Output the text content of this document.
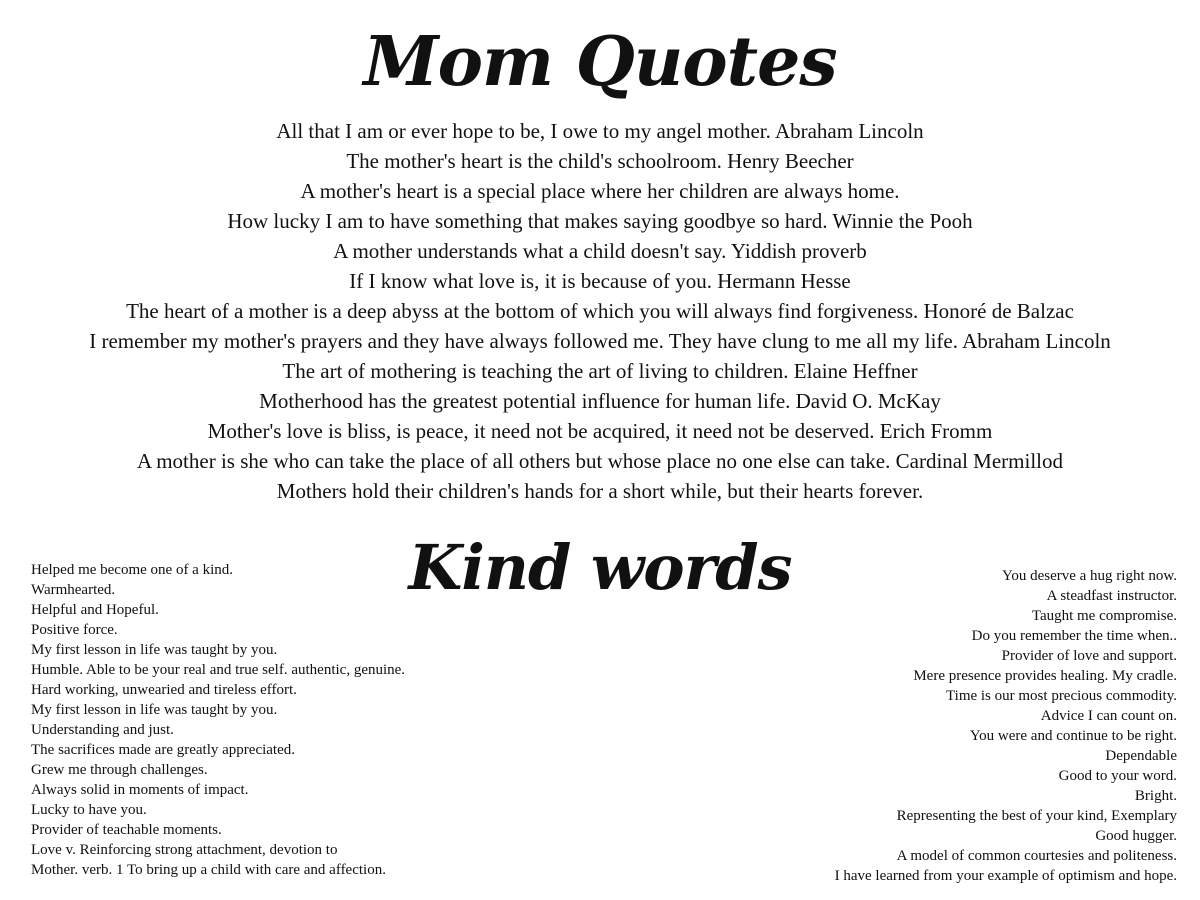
Mom Quotes
All that I am or ever hope to be, I owe to my angel mother. Abraham Lincoln
The mother's heart is the child's schoolroom. Henry Beecher
A mother's heart is a special place where her children are always home.
How lucky I am to have something that makes saying goodbye so hard. Winnie the Pooh
A mother understands what a child doesn't say. Yiddish proverb
If I know what love is, it is because of you. Hermann Hesse
The heart of a mother is a deep abyss at the bottom of which you will always find forgiveness. Honoré de Balzac
I remember my mother's prayers and they have always followed me. They have clung to me all my life. Abraham Lincoln
The art of mothering is teaching the art of living to children. Elaine Heffner
Motherhood has the greatest potential influence for human life. David O. McKay
Mother's love is bliss, is peace, it need not be acquired, it need not be deserved. Erich Fromm
A mother is she who can take the place of all others but whose place no one else can take. Cardinal Mermillod
Mothers hold their children's hands for a short while, but their hearts forever.
Kind words
Helped me become one of a kind.
Warmhearted.
Helpful and Hopeful.
Positive force.
My first lesson in life was taught by you.
Humble. Able to be your real and true self. authentic, genuine.
Hard working, unwearied and tireless effort.
My first lesson in life was taught by you.
Understanding and just.
The sacrifices made are greatly appreciated.
Grew me through challenges.
Always solid in moments of impact.
Lucky to have you.
Provider of teachable moments.
Love v. Reinforcing strong attachment, devotion to
Mother. verb. 1 To bring up a child with care and affection.
You deserve a hug right now.
A steadfast instructor.
Taught me compromise.
Do you remember the time when..
Provider of love and support.
Mere presence provides healing. My cradle.
Time is our most precious commodity.
Advice I can count on.
You were and continue to be right.
Dependable
Good to your word.
Bright.
Representing the best of your kind, Exemplary
Good hugger.
A model of common courtesies and politeness.
I have learned from your example of optimism and hope.
